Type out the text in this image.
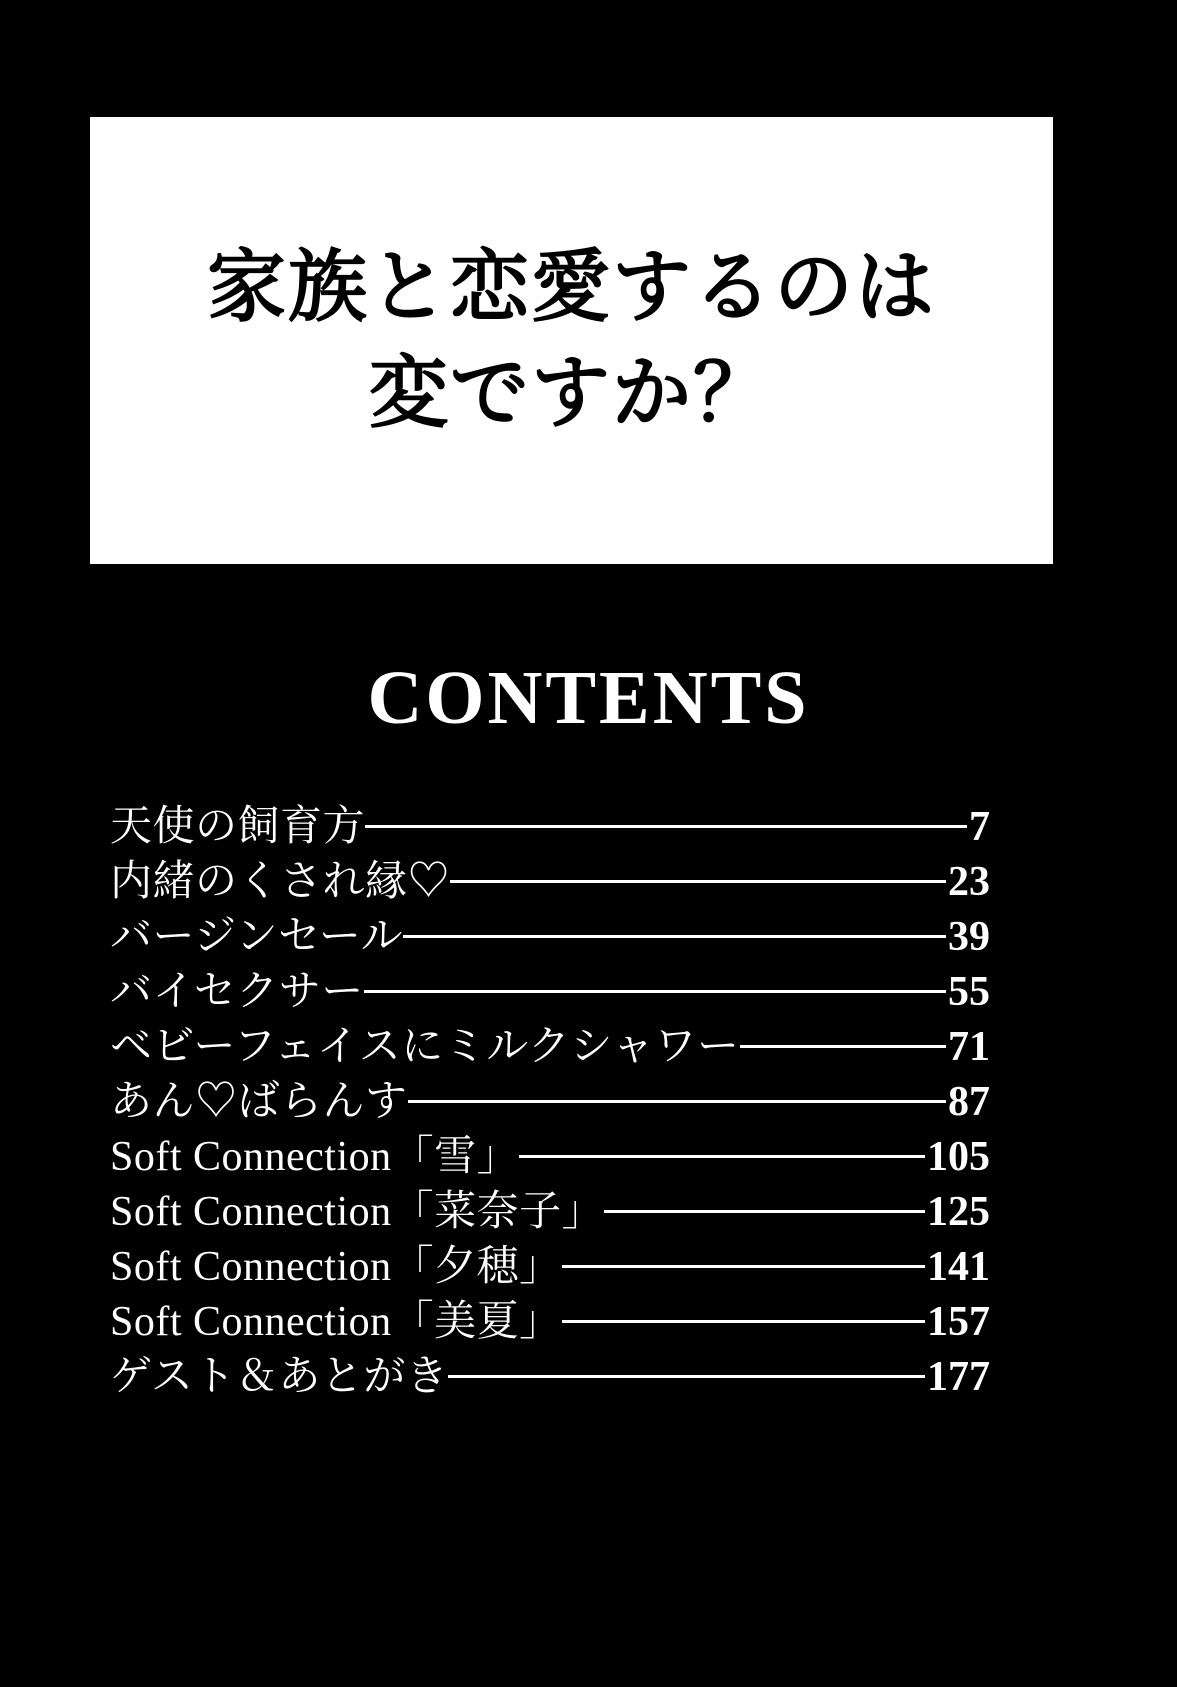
家族と恋愛するのは
変ですか？
CONTENTS
天使の飼育方	7
内緒のくされ縁♡	23
バージンセール	39
バイセクサー	55
ベビーフェイスにミルクシャワー	71
あん♡ばらんす	87
Soft Connection「雪」	105
Soft Connection「菜奈子」	125
Soft Connection「夕穂」	141
Soft Connection「美夏」	157
ゲスト＆あとがき	177
